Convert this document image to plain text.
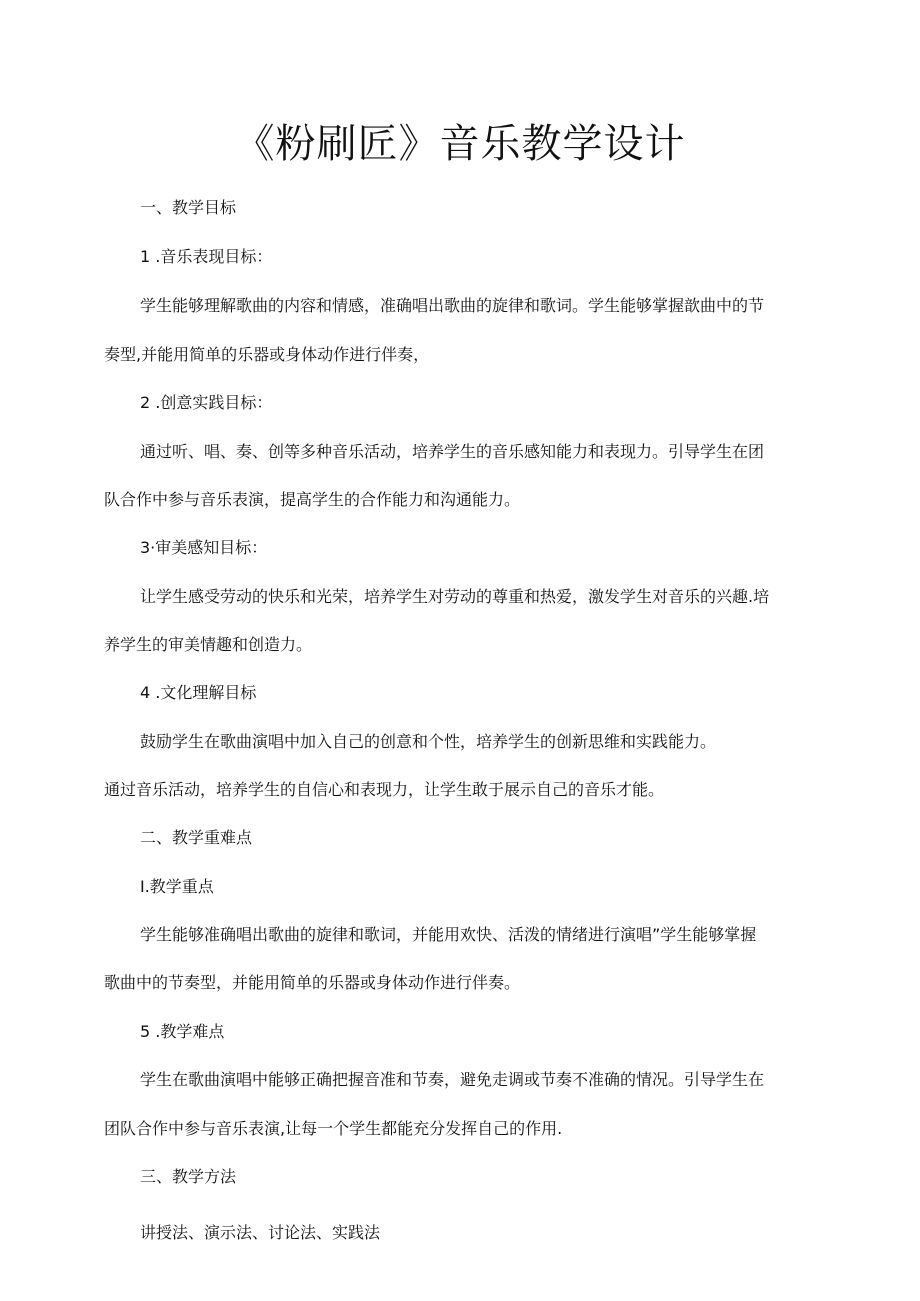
《粉刷匠》音乐教学设计

一、教学目标

1 .音乐表现目标：

学生能够理解歌曲的内容和情感，准确唱出歌曲的旋律和歌词。学生能够掌握歆曲中的节

奏型,并能用简单的乐器或身体动作进行伴奏，

2 .创意实践目标：

通过听、唱、奏、创等多种音乐活动，培养学生的音乐感知能力和表现力。引导学生在团

队合作中参与音乐表演，提高学生的合作能力和沟通能力。

3·审美感知目标：

让学生感受劳动的快乐和光荣，培养学生对劳动的尊重和热爱，激发学生对音乐的兴趣.培

养学生的审美情趣和创造力。

4 .文化理解目标

鼓励学生在歌曲演唱中加入自己的创意和个性，培养学生的创新思维和实践能力。

通过音乐活动，培养学生的自信心和表现力，让学生敢于展示自己的音乐才能。

二、教学重难点

I.教学重点

学生能够准确唱出歌曲的旋律和歌词，并能用欢快、活泼的情绪进行演唱”学生能够掌握

歌曲中的节奏型，并能用简单的乐器或身体动作进行伴奏。

5 .教学难点

学生在歌曲演唱中能够正确把握音准和节奏，避免走调或节奏不准确的情况。引导学生在

团队合作中参与音乐表演,让每一个学生都能充分发挥自己的作用.

三、教学方法

讲授法、演示法、讨论法、实践法
